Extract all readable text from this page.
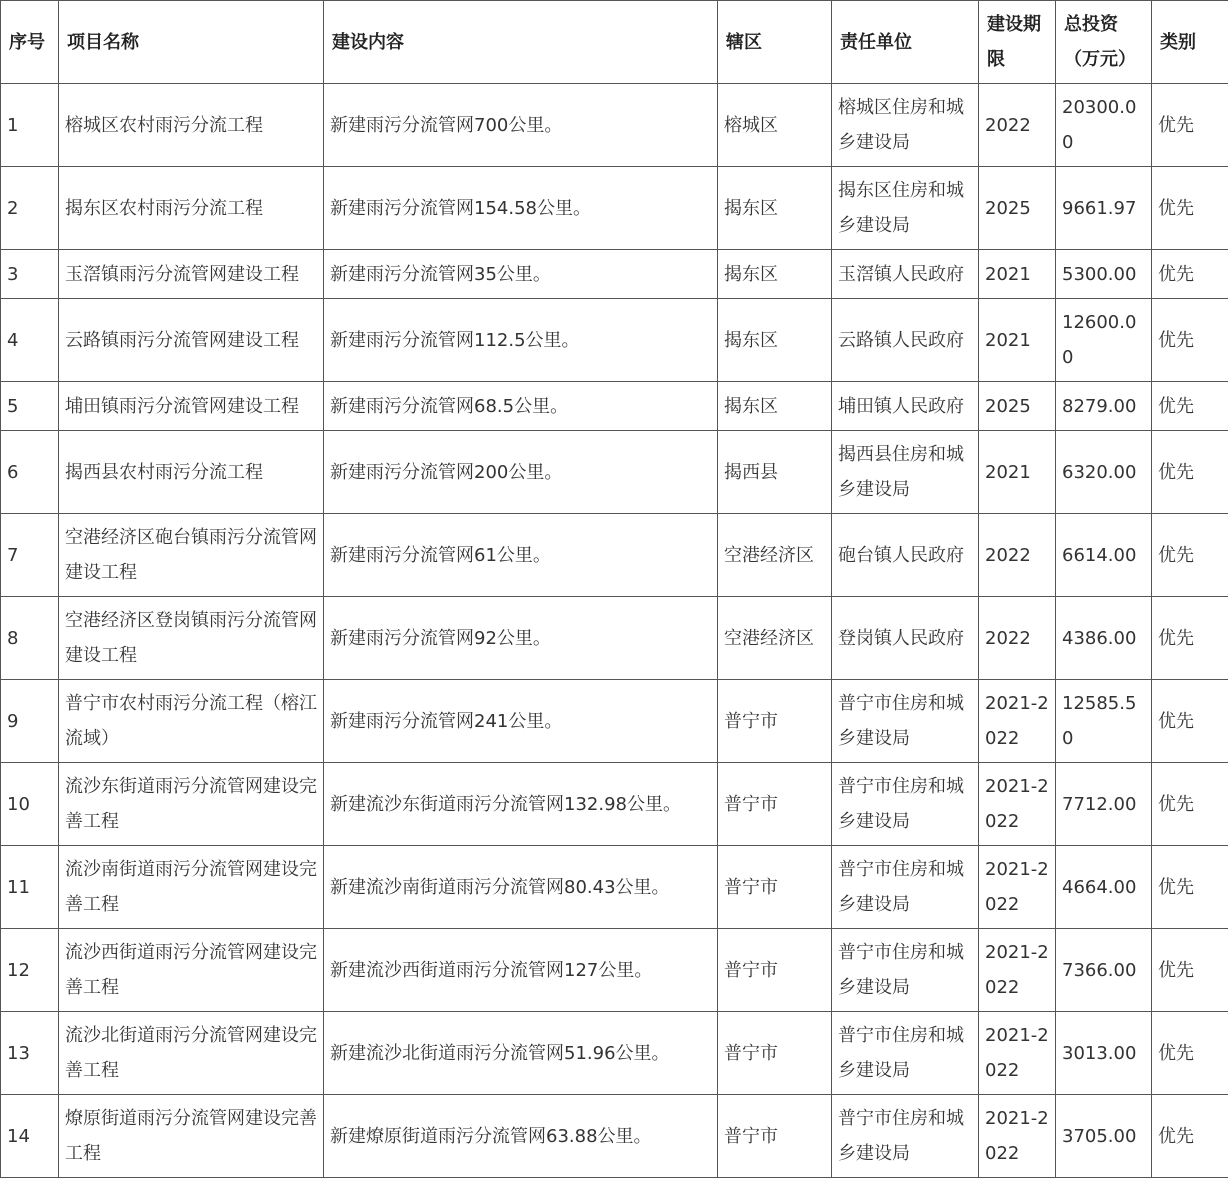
序号	项目名称	建设内容	辖区	责任单位	建设期限	总投资（万元）	类别
1	榕城区农村雨污分流工程	新建雨污分流管网700公里。	榕城区	榕城区住房和城乡建设局	2022	20300.00	优先
2	揭东区农村雨污分流工程	新建雨污分流管网154.58公里。	揭东区	揭东区住房和城乡建设局	2025	9661.97	优先
3	玉滘镇雨污分流管网建设工程	新建雨污分流管网35公里。	揭东区	玉滘镇人民政府	2021	5300.00	优先
4	云路镇雨污分流管网建设工程	新建雨污分流管网112.5公里。	揭东区	云路镇人民政府	2021	12600.00	优先
5	埔田镇雨污分流管网建设工程	新建雨污分流管网68.5公里。	揭东区	埔田镇人民政府	2025	8279.00	优先
6	揭西县农村雨污分流工程	新建雨污分流管网200公里。	揭西县	揭西县住房和城乡建设局	2021	6320.00	优先
7	空港经济区砲台镇雨污分流管网建设工程	新建雨污分流管网61公里。	空港经济区	砲台镇人民政府	2022	6614.00	优先
8	空港经济区登岗镇雨污分流管网建设工程	新建雨污分流管网92公里。	空港经济区	登岗镇人民政府	2022	4386.00	优先
9	普宁市农村雨污分流工程（榕江流域）	新建雨污分流管网241公里。	普宁市	普宁市住房和城乡建设局	2021-2022	12585.50	优先
10	流沙东街道雨污分流管网建设完善工程	新建流沙东街道雨污分流管网132.98公里。	普宁市	普宁市住房和城乡建设局	2021-2022	7712.00	优先
11	流沙南街道雨污分流管网建设完善工程	新建流沙南街道雨污分流管网80.43公里。	普宁市	普宁市住房和城乡建设局	2021-2022	4664.00	优先
12	流沙西街道雨污分流管网建设完善工程	新建流沙西街道雨污分流管网127公里。	普宁市	普宁市住房和城乡建设局	2021-2022	7366.00	优先
13	流沙北街道雨污分流管网建设完善工程	新建流沙北街道雨污分流管网51.96公里。	普宁市	普宁市住房和城乡建设局	2021-2022	3013.00	优先
14	燎原街道雨污分流管网建设完善工程	新建燎原街道雨污分流管网63.88公里。	普宁市	普宁市住房和城乡建设局	2021-2022	3705.00	优先
